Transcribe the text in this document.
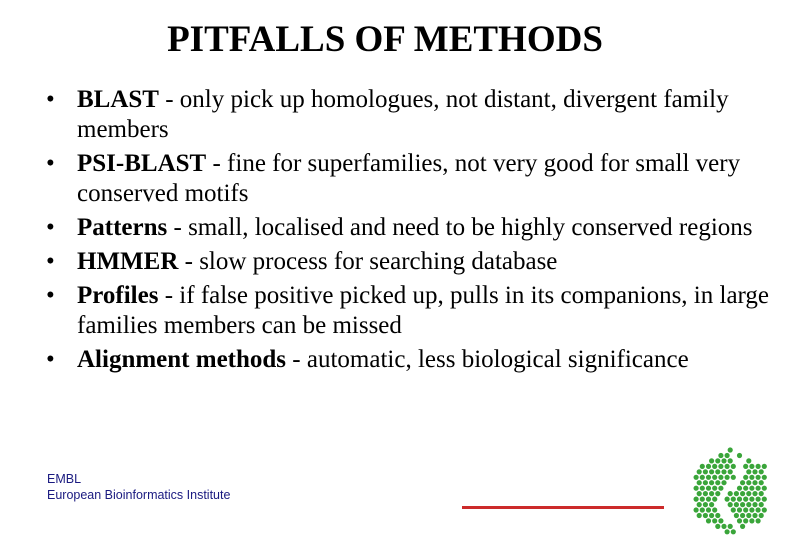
PITFALLS OF METHODS
• BLAST - only pick up homologues, not distant, divergent family members
• PSI-BLAST - fine for superfamilies, not very good for small very conserved motifs
• Patterns - small, localised and need to be highly conserved regions
• HMMER - slow process for searching database
• Profiles - if false positive picked up, pulls in its companions, in large families members can be missed
• Alignment methods - automatic, less biological significance
EMBL
European Bioinformatics Institute
